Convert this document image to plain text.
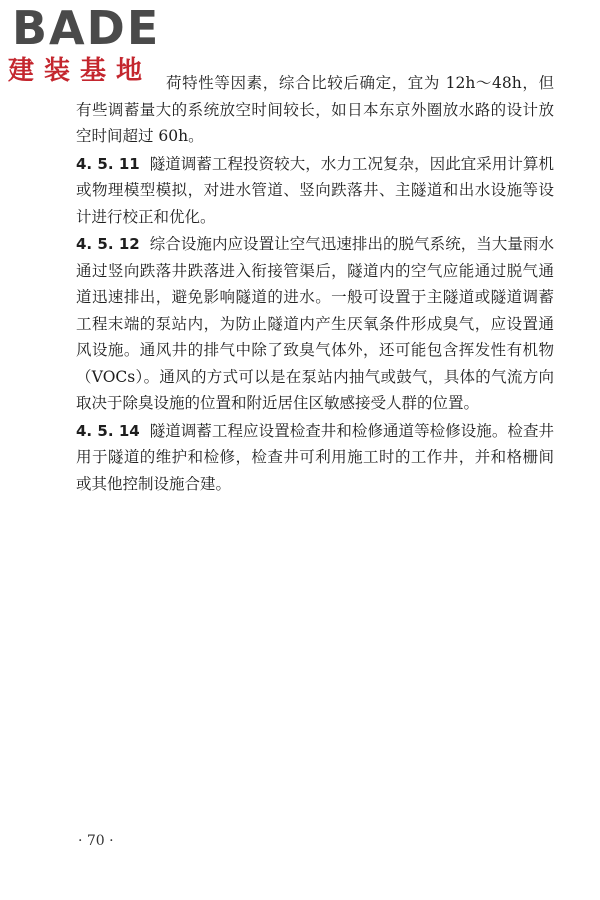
BADE
建装基地 荷特性等因素，综合比较后确定，宜为 12h～48h，但有些调蓄量大的系统放空时间较长，如日本东京外圈放水路的设计放空时间超过 60h。

4. 5. 11 隧道调蓄工程投资较大，水力工况复杂，因此宜采用计算机或物理模型模拟，对进水管道、竖向跌落井、主隧道和出水设施等设计进行校正和优化。

4. 5. 12 综合设施内应设置让空气迅速排出的脱气系统，当大量雨水通过竖向跌落井跌落进入衔接管渠后，隧道内的空气应能通过脱气通道迅速排出，避免影响隧道的进水。一般可设置于主隧道或隧道调蓄工程末端的泵站内，为防止隧道内产生厌氧条件形成臭气，应设置通风设施。通风井的排气中除了致臭气体外，还可能包含挥发性有机物（VOCs）。通风的方式可以是在泵站内抽气或鼓气，具体的气流方向取决于除臭设施的位置和附近居住区敏感接受人群的位置。

4. 5. 14 隧道调蓄工程应设置检查井和检修通道等检修设施。检查井用于隧道的维护和检修，检查井可利用施工时的工作井，并和格栅间或其他控制设施合建。

· 70 ·
